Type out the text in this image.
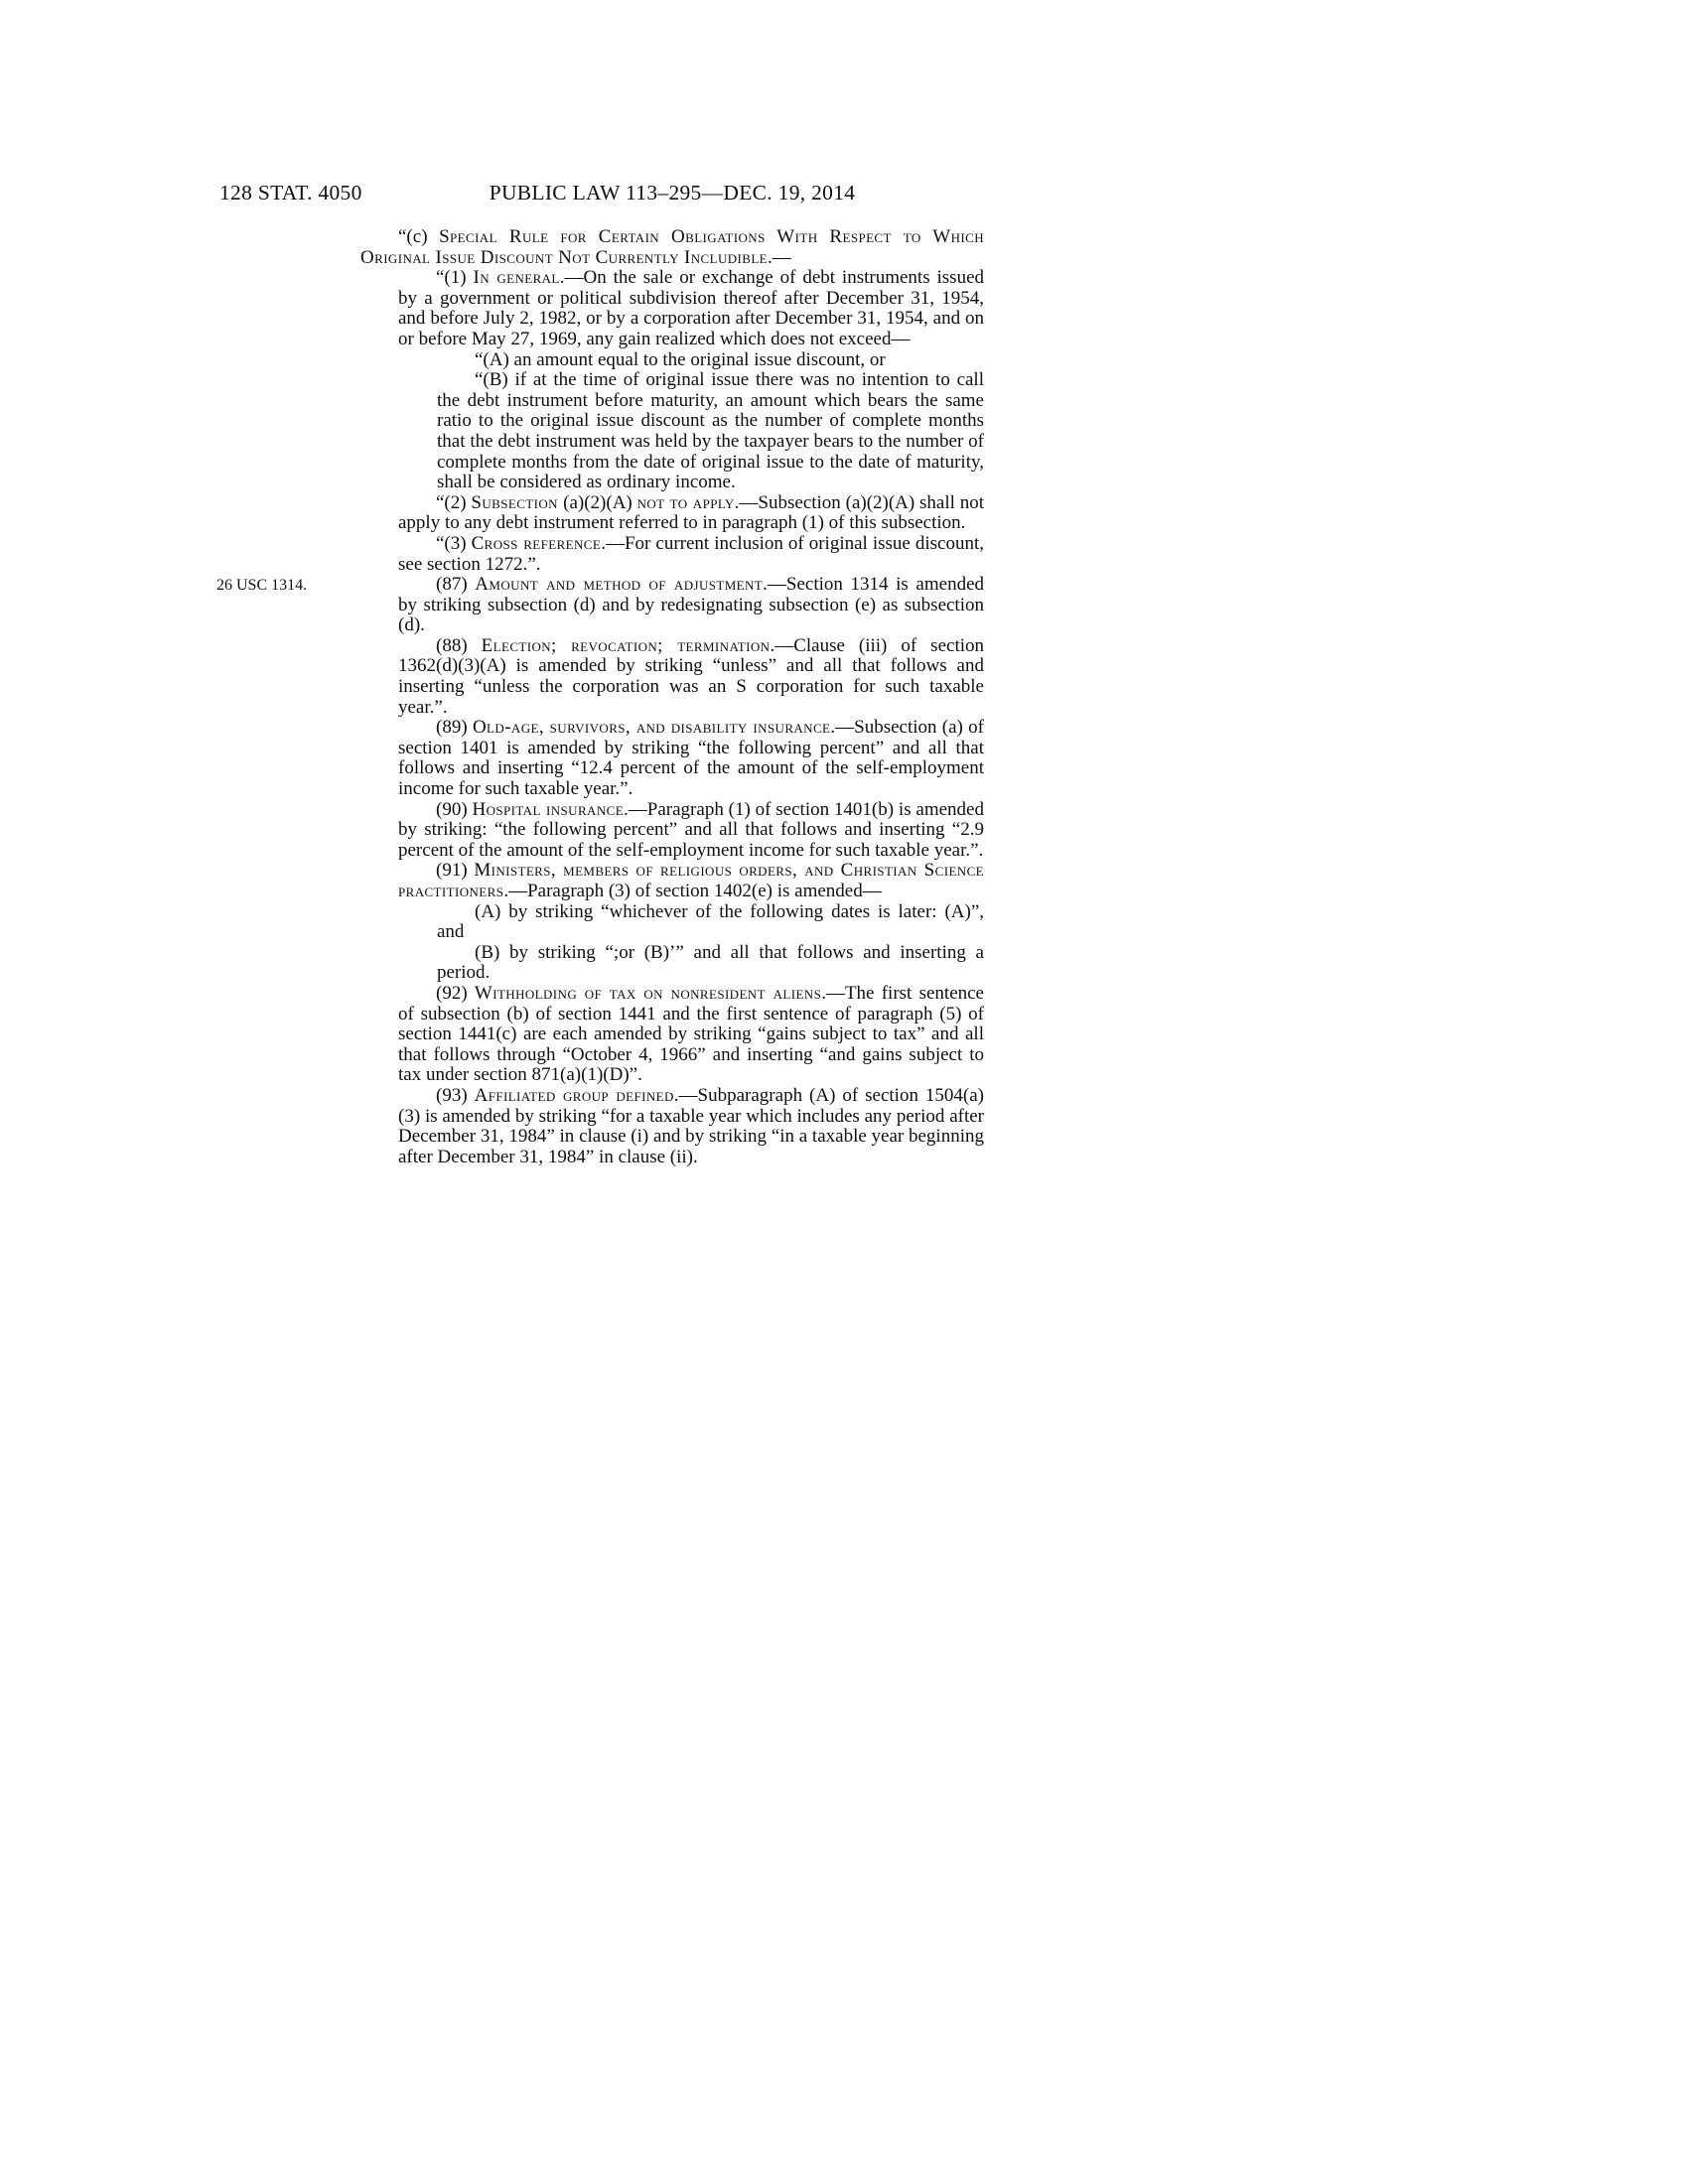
128 STAT. 4050	PUBLIC LAW 113–295—DEC. 19, 2014

“(c) Special Rule for Certain Obligations With Respect to Which Original Issue Discount Not Currently Includible.—

“(1) In general.—On the sale or exchange of debt instruments issued by a government or political subdivision thereof after December 31, 1954, and before July 2, 1982, or by a corporation after December 31, 1954, and on or before May 27, 1969, any gain realized which does not exceed—

“(A) an amount equal to the original issue discount, or

“(B) if at the time of original issue there was no intention to call the debt instrument before maturity, an amount which bears the same ratio to the original issue discount as the number of complete months that the debt instrument was held by the taxpayer bears to the number of complete months from the date of original issue to the date of maturity, shall be considered as ordinary income.

“(2) Subsection (a)(2)(A) not to apply.—Subsection (a)(2)(A) shall not apply to any debt instrument referred to in paragraph (1) of this subsection.

“(3) Cross reference.—For current inclusion of original issue discount, see section 1272.”.

(87) Amount and method of adjustment.—Section 1314 is amended by striking subsection (d) and by redesignating subsection (e) as subsection (d).
26 USC 1314.

(88) Election; revocation; termination.—Clause (iii) of section 1362(d)(3)(A) is amended by striking “unless” and all that follows and inserting “unless the corporation was an S corporation for such taxable year.”.

(89) Old-age, survivors, and disability insurance.—Subsection (a) of section 1401 is amended by striking “the following percent” and all that follows and inserting “12.4 percent of the amount of the self-employment income for such taxable year.”.

(90) Hospital insurance.—Paragraph (1) of section 1401(b) is amended by striking: “the following percent” and all that follows and inserting “2.9 percent of the amount of the self-employment income for such taxable year.”.

(91) Ministers, members of religious orders, and Christian Science practitioners.—Paragraph (3) of section 1402(e) is amended—

(A) by striking “whichever of the following dates is later: (A)”, and

(B) by striking “;or (B)’” and all that follows and inserting a period.

(92) Withholding of tax on nonresident aliens.—The first sentence of subsection (b) of section 1441 and the first sentence of paragraph (5) of section 1441(c) are each amended by striking “gains subject to tax” and all that follows through “October 4, 1966” and inserting “and gains subject to tax under section 871(a)(1)(D)”.

(93) Affiliated group defined.—Subparagraph (A) of section 1504(a)(3) is amended by striking “for a taxable year which includes any period after December 31, 1984” in clause (i) and by striking “in a taxable year beginning after December 31, 1984” in clause (ii).
